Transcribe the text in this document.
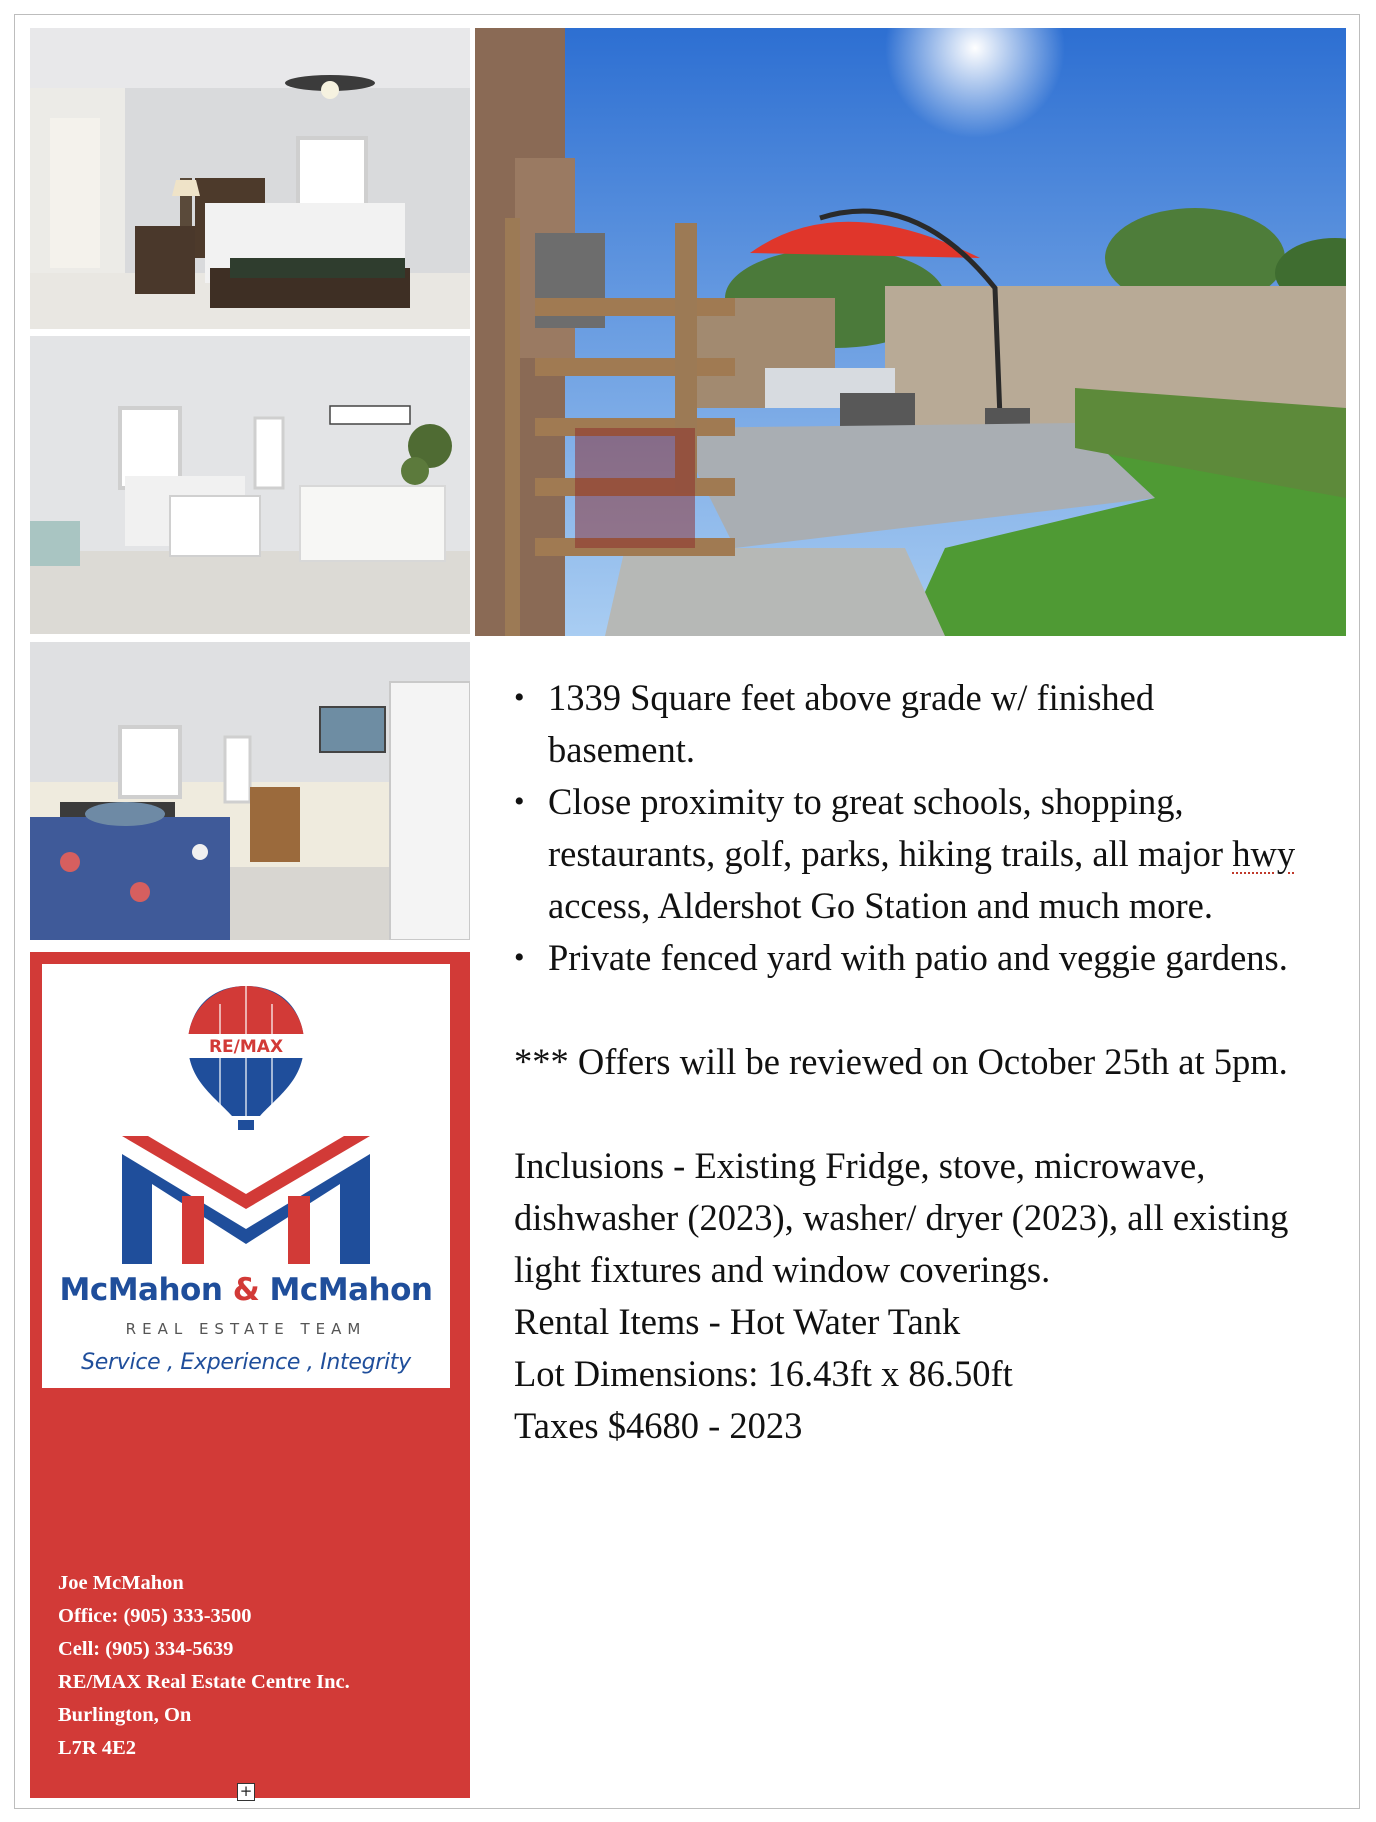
RE/MAX
McMahon & McMahon
REAL ESTATE TEAM
Service , Experience , Integrity
Joe McMahon
Office: (905) 333-3500
Cell: (905) 334-5639
RE/MAX Real Estate Centre Inc.
Burlington, On
L7R 4E2
+
• 1339 Square feet above grade w/ finished basement.
• Close proximity to great schools, shopping, restaurants, golf, parks, hiking trails, all major hwy access, Aldershot Go Station and much more.
• Private fenced yard with patio and veggie gardens.

*** Offers will be reviewed on October 25th at 5pm.

Inclusions - Existing Fridge, stove, microwave, dishwasher (2023), washer/ dryer (2023), all existing light fixtures and window coverings.

Rental Items - Hot Water Tank

Lot Dimensions: 16.43ft x 86.50ft

Taxes $4680 - 2023
